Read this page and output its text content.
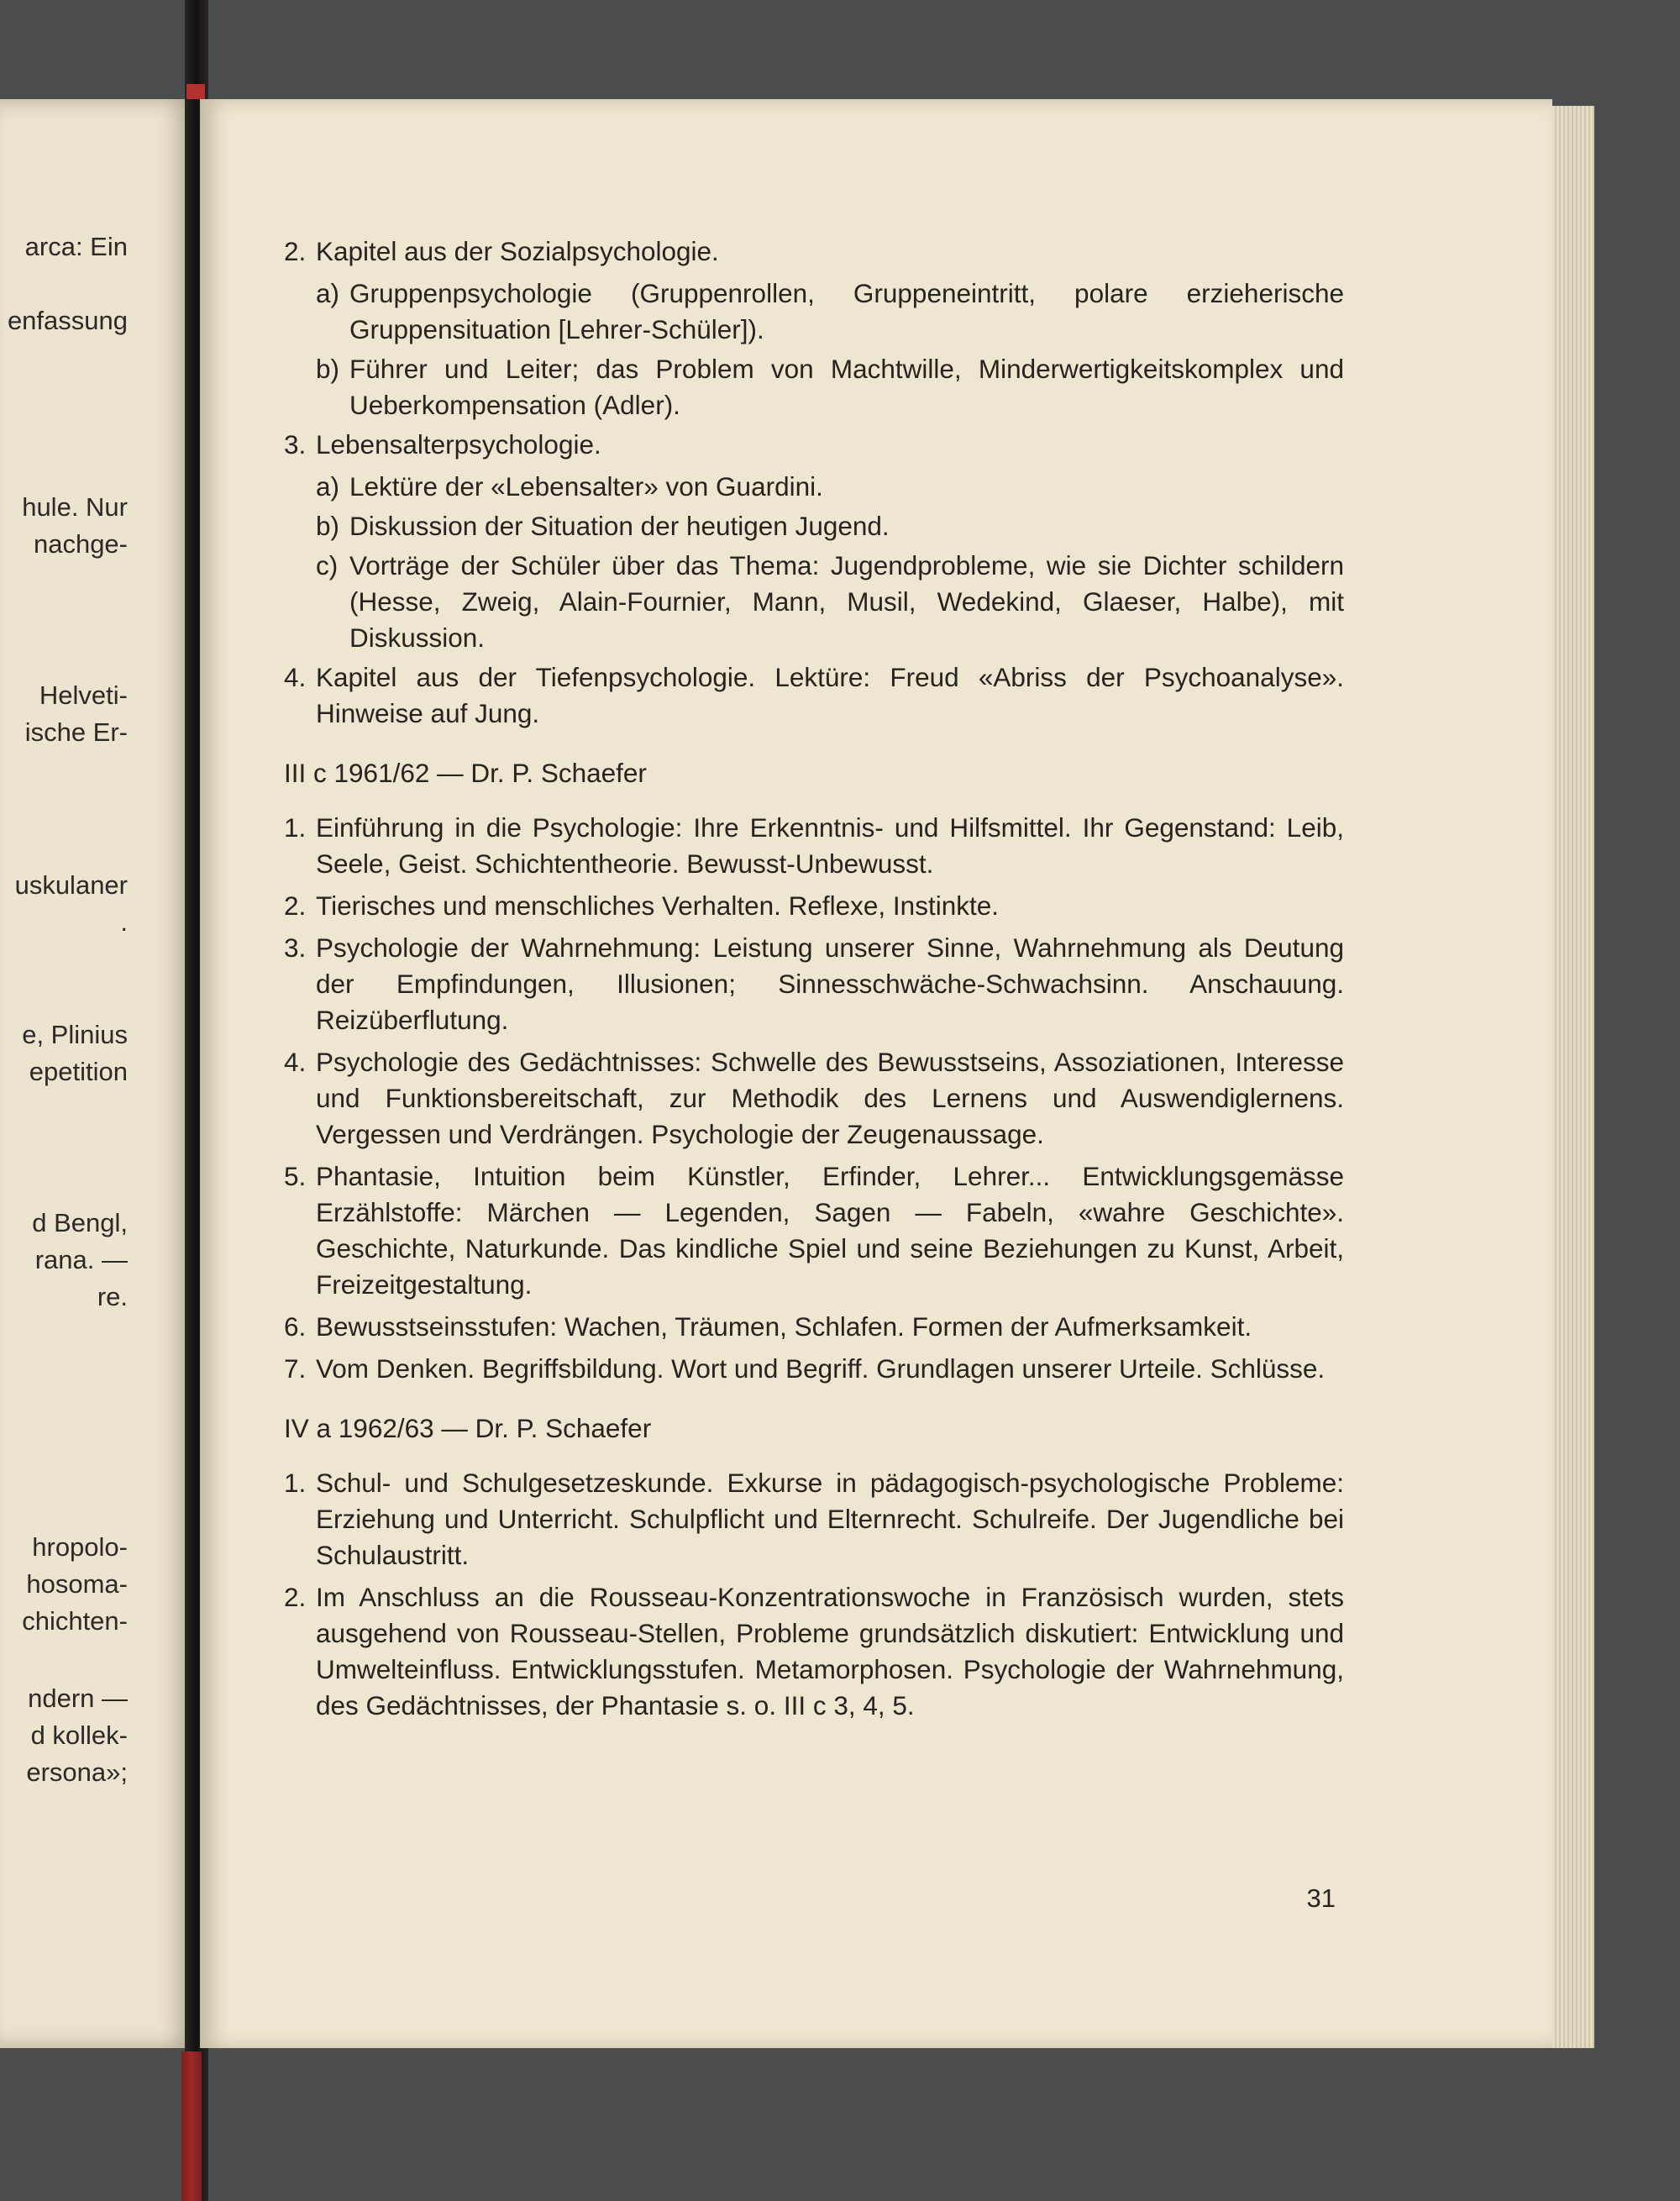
arca: Ein
enfassung
hule. Nur
nachge-
Helveti-
ische Er-
uskulaner
.
e, Plinius
epetition
d Bengl,
rana. —
re.
hropolo-
hosoma-
chichten-
ndern —
d kollek-
ersona»;
2. Kapitel aus der Sozialpsychologie.
a) Gruppenpsychologie (Gruppenrollen, Gruppeneintritt, polare erzieherische Gruppensituation [Lehrer-Schüler]).
b) Führer und Leiter; das Problem von Machtwille, Minderwertigkeitskomplex und Ueberkompensation (Adler).
3. Lebensalterpsychologie.
a) Lektüre der «Lebensalter» von Guardini.
b) Diskussion der Situation der heutigen Jugend.
c) Vorträge der Schüler über das Thema: Jugendprobleme, wie sie Dichter schildern (Hesse, Zweig, Alain-Fournier, Mann, Musil, Wedekind, Glaeser, Halbe), mit Diskussion.
4. Kapitel aus der Tiefenpsychologie. Lektüre: Freud «Abriss der Psychoanalyse». Hinweise auf Jung.
III c 1961/62 — Dr. P. Schaefer
1. Einführung in die Psychologie: Ihre Erkenntnis- und Hilfsmittel. Ihr Gegenstand: Leib, Seele, Geist. Schichtentheorie. Bewusst-Unbewusst.
2. Tierisches und menschliches Verhalten. Reflexe, Instinkte.
3. Psychologie der Wahrnehmung: Leistung unserer Sinne, Wahrnehmung als Deutung der Empfindungen, Illusionen; Sinnesschwäche-Schwachsinn. Anschauung. Reizüberflutung.
4. Psychologie des Gedächtnisses: Schwelle des Bewusstseins, Assoziationen, Interesse und Funktionsbereitschaft, zur Methodik des Lernens und Auswendiglernens. Vergessen und Verdrängen. Psychologie der Zeugenaussage.
5. Phantasie, Intuition beim Künstler, Erfinder, Lehrer... Entwicklungsgemässe Erzählstoffe: Märchen — Legenden, Sagen — Fabeln, «wahre Geschichte». Geschichte, Naturkunde. Das kindliche Spiel und seine Beziehungen zu Kunst, Arbeit, Freizeitgestaltung.
6. Bewusstseinsstufen: Wachen, Träumen, Schlafen. Formen der Aufmerksamkeit.
7. Vom Denken. Begriffsbildung. Wort und Begriff. Grundlagen unserer Urteile. Schlüsse.
IV a 1962/63 — Dr. P. Schaefer
1. Schul- und Schulgesetzeskunde. Exkurse in pädagogisch-psychologische Probleme: Erziehung und Unterricht. Schulpflicht und Elternrecht. Schulreife. Der Jugendliche bei Schulaustritt.
2. Im Anschluss an die Rousseau-Konzentrationswoche in Französisch wurden, stets ausgehend von Rousseau-Stellen, Probleme grundsätzlich diskutiert: Entwicklung und Umwelteinfluss. Entwicklungsstufen. Metamorphosen. Psychologie der Wahrnehmung, des Gedächtnisses, der Phantasie s. o. III c 3, 4, 5.
31
